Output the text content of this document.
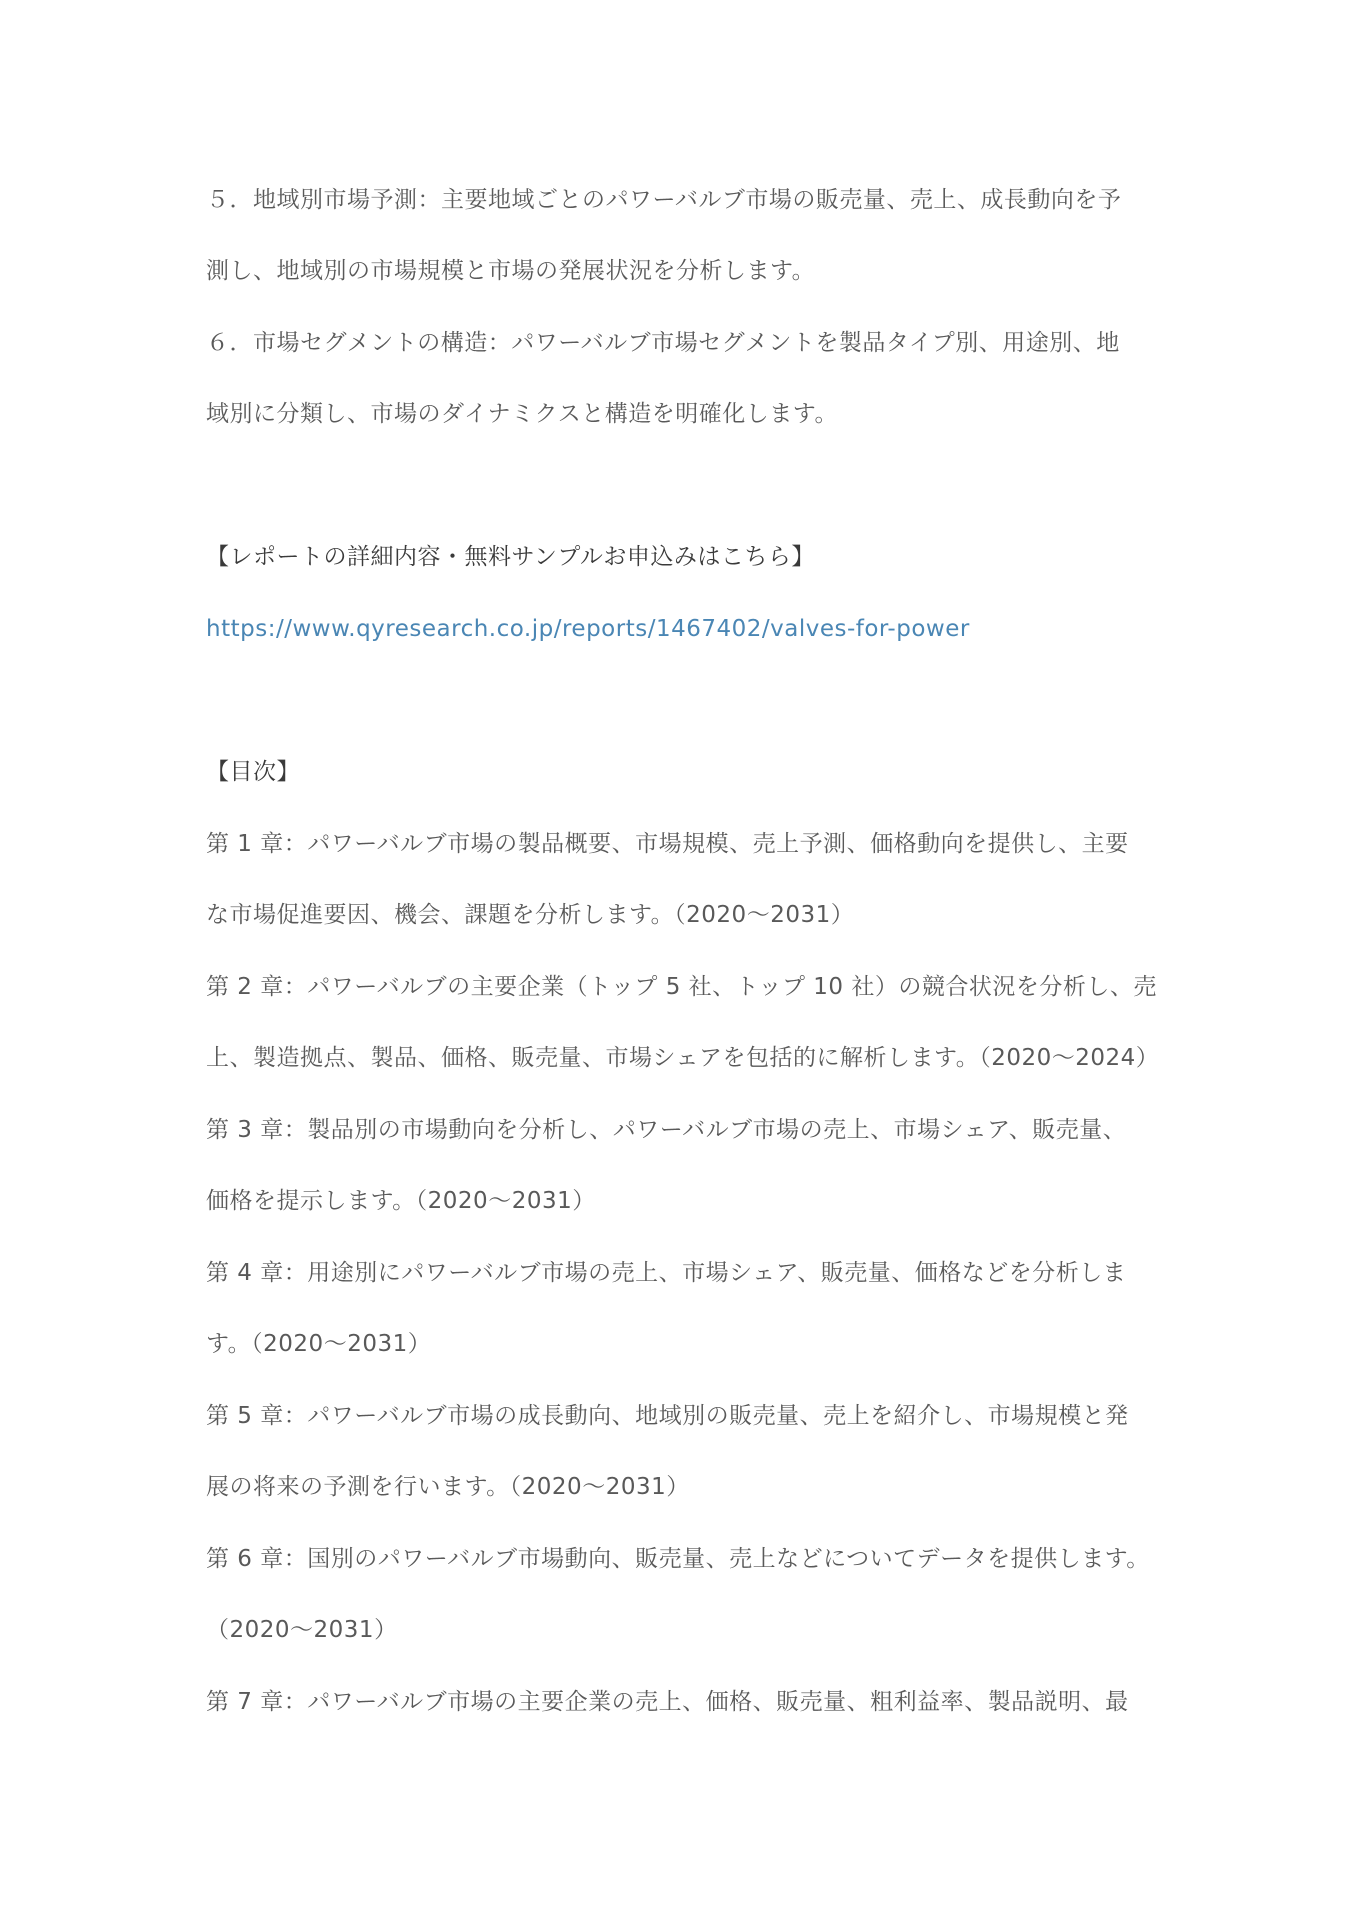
５．地域別市場予測：主要地域ごとのパワーバルブ市場の販売量、売上、成長動向を予
測し、地域別の市場規模と市場の発展状況を分析します。
６．市場セグメントの構造：パワーバルブ市場セグメントを製品タイプ別、用途別、地
域別に分類し、市場のダイナミクスと構造を明確化します。
【レポートの詳細内容・無料サンプルお申込みはこちら】
https://www.qyresearch.co.jp/reports/1467402/valves-for-power
【目次】
第 1 章：パワーバルブ市場の製品概要、市場規模、売上予測、価格動向を提供し、主要
な市場促進要因、機会、課題を分析します。（2020～2031）
第 2 章：パワーバルブの主要企業（トップ 5 社、トップ 10 社）の競合状況を分析し、売
上、製造拠点、製品、価格、販売量、市場シェアを包括的に解析します。（2020～2024）
第 3 章：製品別の市場動向を分析し、パワーバルブ市場の売上、市場シェア、販売量、
価格を提示します。（2020～2031）
第 4 章：用途別にパワーバルブ市場の売上、市場シェア、販売量、価格などを分析しま
す。（2020～2031）
第 5 章：パワーバルブ市場の成長動向、地域別の販売量、売上を紹介し、市場規模と発
展の将来の予測を行います。（2020～2031）
第 6 章：国別のパワーバルブ市場動向、販売量、売上などについてデータを提供します。
（2020～2031）
第 7 章：パワーバルブ市場の主要企業の売上、価格、販売量、粗利益率、製品説明、最
